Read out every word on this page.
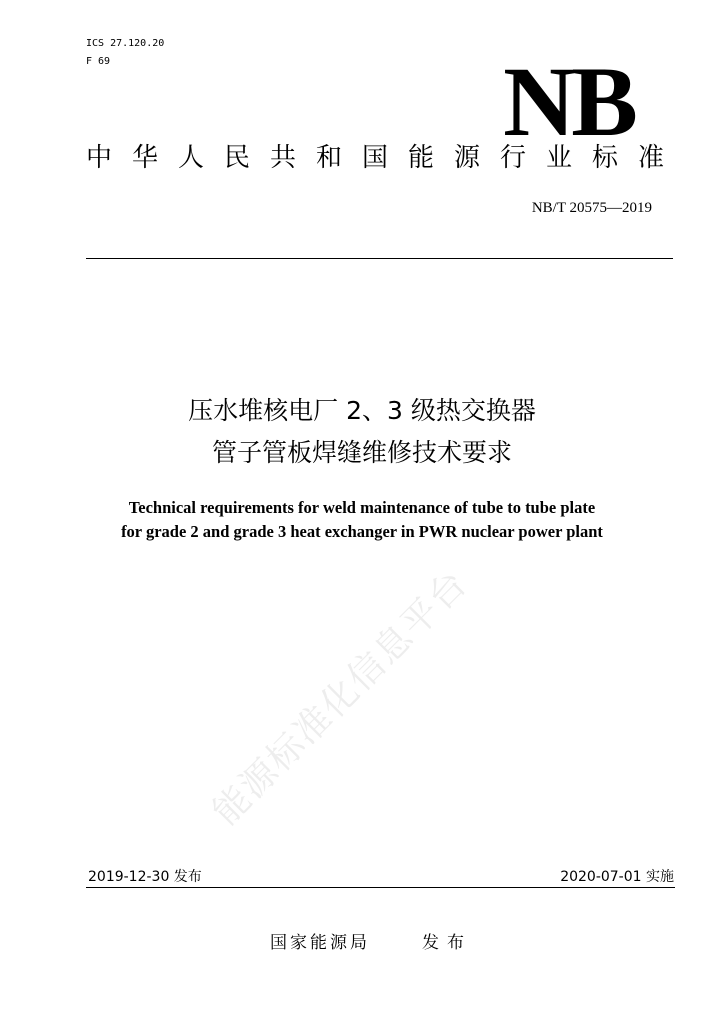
ICS 27.120.20
F 69	NB
中华人民共和国能源行业标准
NB/T 20575—2019
压水堆核电厂 2、3 级热交换器
管子管板焊缝维修技术要求
Technical requirements for weld maintenance of tube to tube plate
for grade 2 and grade 3 heat exchanger in PWR nuclear power plant
能源标准化信息平台
2019-12-30 发布	2020-07-01 实施
国家能源局	发布
